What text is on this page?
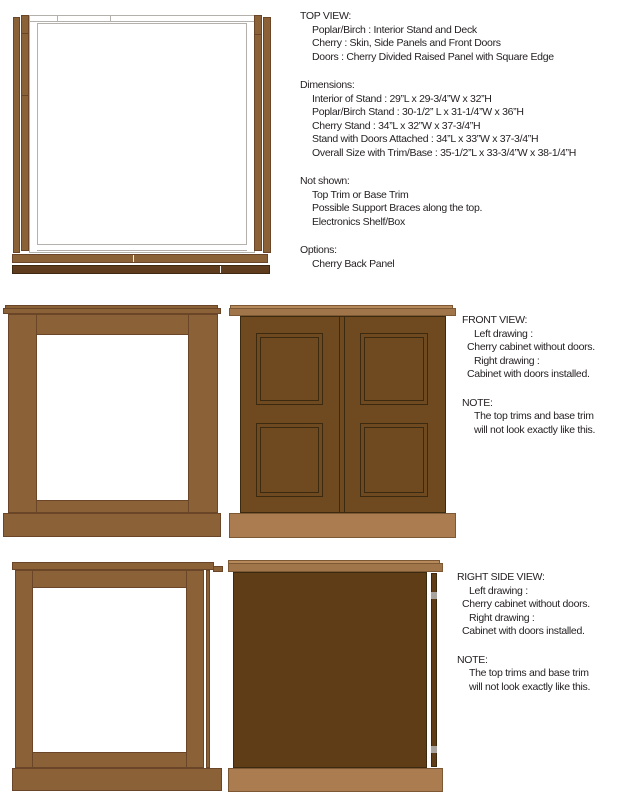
TOP VIEW:
Poplar/Birch : Interior Stand and Deck
Cherry : Skin, Side Panels and Front Doors
Doors : Cherry Divided Raised Panel with Square Edge
Dimensions:
Interior of Stand : 29”L x 29-3/4”W x 32”H
Poplar/Birch Stand : 30-1/2” L x 31-1/4”W x 36”H
Cherry Stand : 34”L x 32”W x 37-3/4”H
Stand with Doors Attached : 34”L x 33”W x 37-3/4”H
Overall Size with Trim/Base : 35-1/2”L x 33-3/4”W x 38-1/4”H
Not shown:
Top Trim or Base Trim
Possible Support Braces along the top.
Electronics Shelf/Box
Options:
Cherry Back Panel
FRONT VIEW:
Left drawing :
Cherry cabinet without doors.
Right drawing :
Cabinet with doors installed.
NOTE:
The top trims and base trim
will not look exactly like this.
RIGHT SIDE VIEW:
Left drawing :
Cherry cabinet without doors.
Right drawing :
Cabinet with doors installed.
NOTE:
The top trims and base trim
will not look exactly like this.
